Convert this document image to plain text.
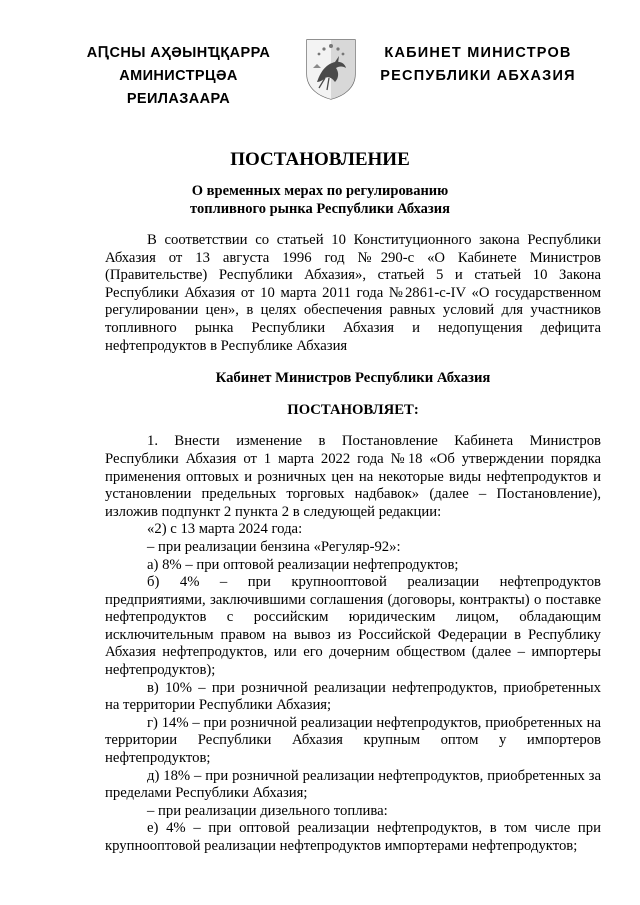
АԤСНЫ АҲӘЫНҴҚАРРА
АМИНИСТРЦӘА РЕИЛАЗААРА
КАБИНЕТ МИНИСТРОВ
РЕСПУБЛИКИ АБХАЗИЯ
ПОСТАНОВЛЕНИЕ
О временных мерах по регулированию
топливного рынка Республики Абхазия

В соответствии со статьей 10 Конституционного закона Республики Абхазия от 13 августа 1996 год №290-с «О Кабинете Министров (Правительстве) Республики Абхазия», статьей 5 и статьей 10 Закона Республики Абхазия от 10 марта 2011 года №2861-с-IV «О государственном регулировании цен», в целях обеспечения равных условий для участников топливного рынка Республики Абхазия и недопущения дефицита нефтепродуктов в Республике Абхазия

Кабинет Министров Республики Абхазия

ПОСТАНОВЛЯЕТ:

1. Внести изменение в Постановление Кабинета Министров Республики Абхазия от 1 марта 2022 года №18 «Об утверждении порядка применения оптовых и розничных цен на некоторые виды нефтепродуктов и установлении предельных торговых надбавок» (далее – Постановление), изложив подпункт 2 пункта 2 в следующей редакции:

«2) с 13 марта 2024 года:

– при реализации бензина «Регуляр-92»:

а) 8% – при оптовой реализации нефтепродуктов;

б) 4% – при крупнооптовой реализации нефтепродуктов предприятиями, заключившими соглашения (договоры, контракты) о поставке нефтепродуктов с российским юридическим лицом, обладающим исключительным правом на вывоз из Российской Федерации в Республику Абхазия нефтепродуктов, или его дочерним обществом (далее – импортеры нефтепродуктов);

в) 10% – при розничной реализации нефтепродуктов, приобретенных на территории Республики Абхазия;

г) 14% – при розничной реализации нефтепродуктов, приобретенных на территории Республики Абхазия крупным оптом у импортеров нефтепродуктов;

д) 18% – при розничной реализации нефтепродуктов, приобретенных за пределами Республики Абхазия;

– при реализации дизельного топлива:

е) 4% – при оптовой реализации нефтепродуктов, в том числе при крупнооптовой реализации нефтепродуктов импортерами нефтепродуктов;
